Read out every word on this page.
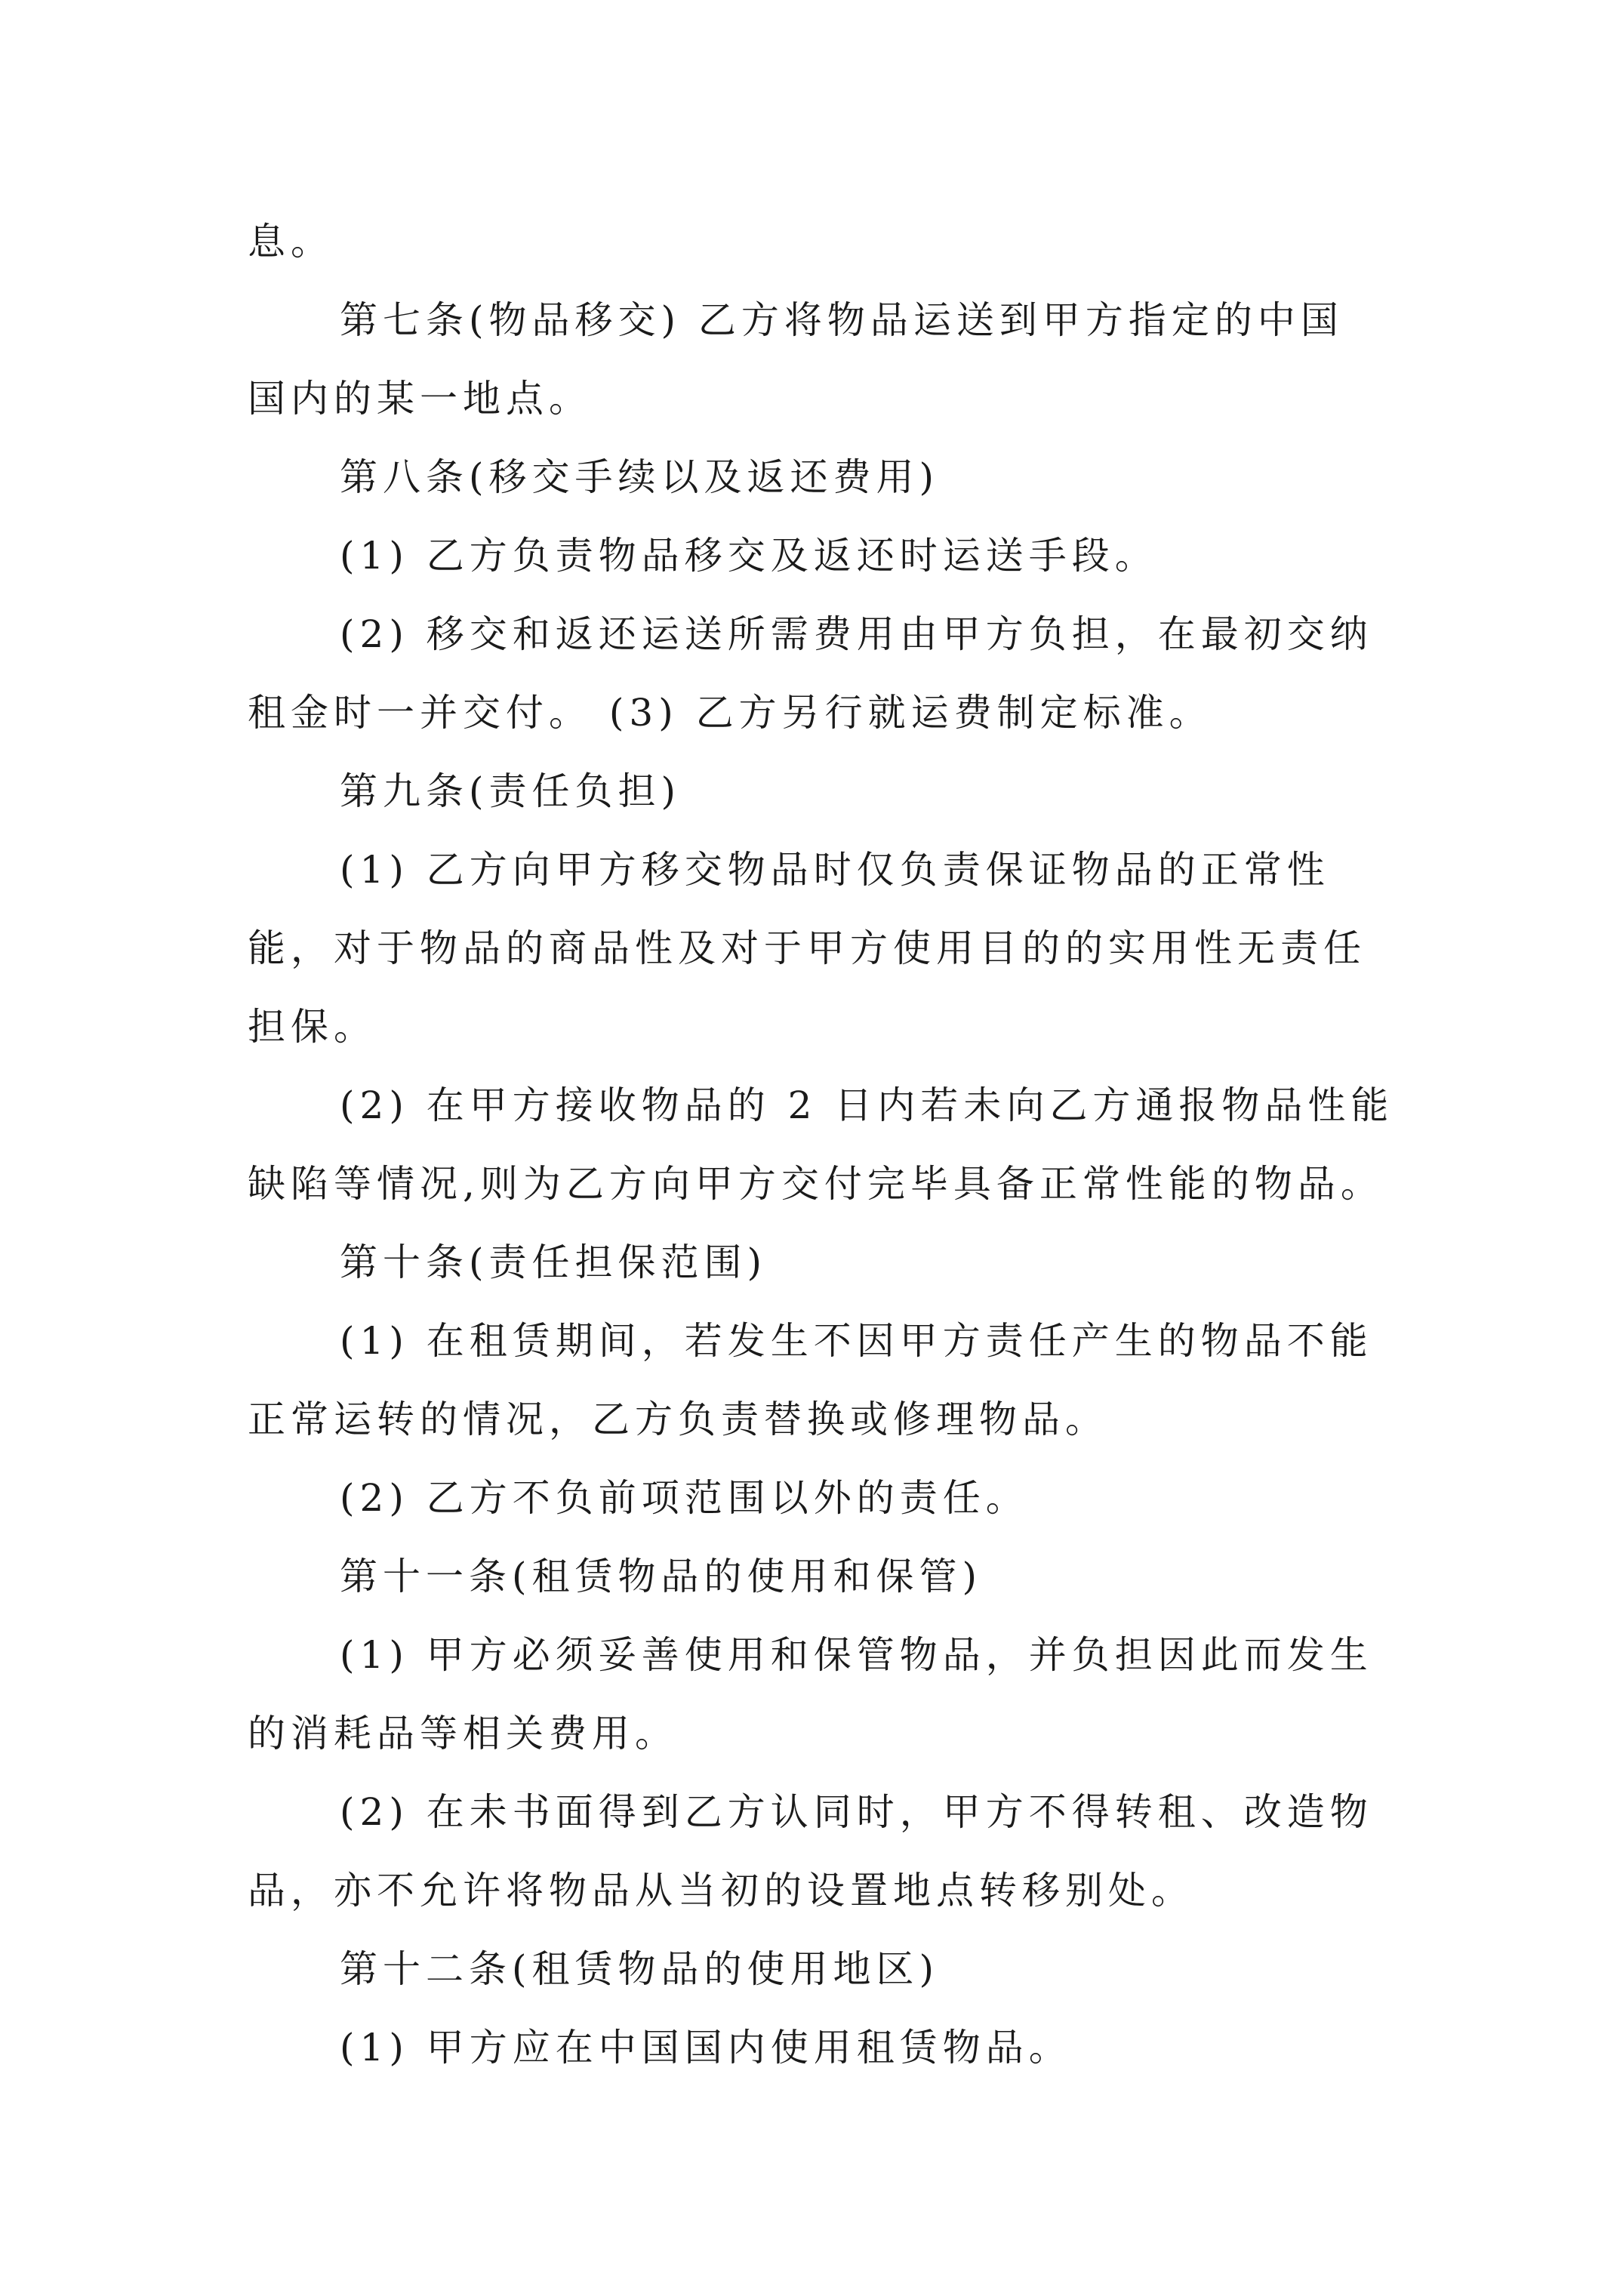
息。

第七条(物品移交) 乙方将物品运送到甲方指定的中国

国内的某一地点。

第八条(移交手续以及返还费用)

(1) 乙方负责物品移交及返还时运送手段。

(2) 移交和返还运送所需费用由甲方负担，在最初交纳

租金时一并交付。 (3) 乙方另行就运费制定标准。

第九条(责任负担)

(1) 乙方向甲方移交物品时仅负责保证物品的正常性

能，对于物品的商品性及对于甲方使用目的的实用性无责任

担保。

(2) 在甲方接收物品的 2 日内若未向乙方通报物品性能

缺陷等情况,则为乙方向甲方交付完毕具备正常性能的物品。

第十条(责任担保范围)

(1) 在租赁期间，若发生不因甲方责任产生的物品不能

正常运转的情况，乙方负责替换或修理物品。

(2) 乙方不负前项范围以外的责任。

第十一条(租赁物品的使用和保管)

(1) 甲方必须妥善使用和保管物品，并负担因此而发生

的消耗品等相关费用。

(2) 在未书面得到乙方认同时，甲方不得转租、改造物

品，亦不允许将物品从当初的设置地点转移别处。

第十二条(租赁物品的使用地区)

(1) 甲方应在中国国内使用租赁物品。
